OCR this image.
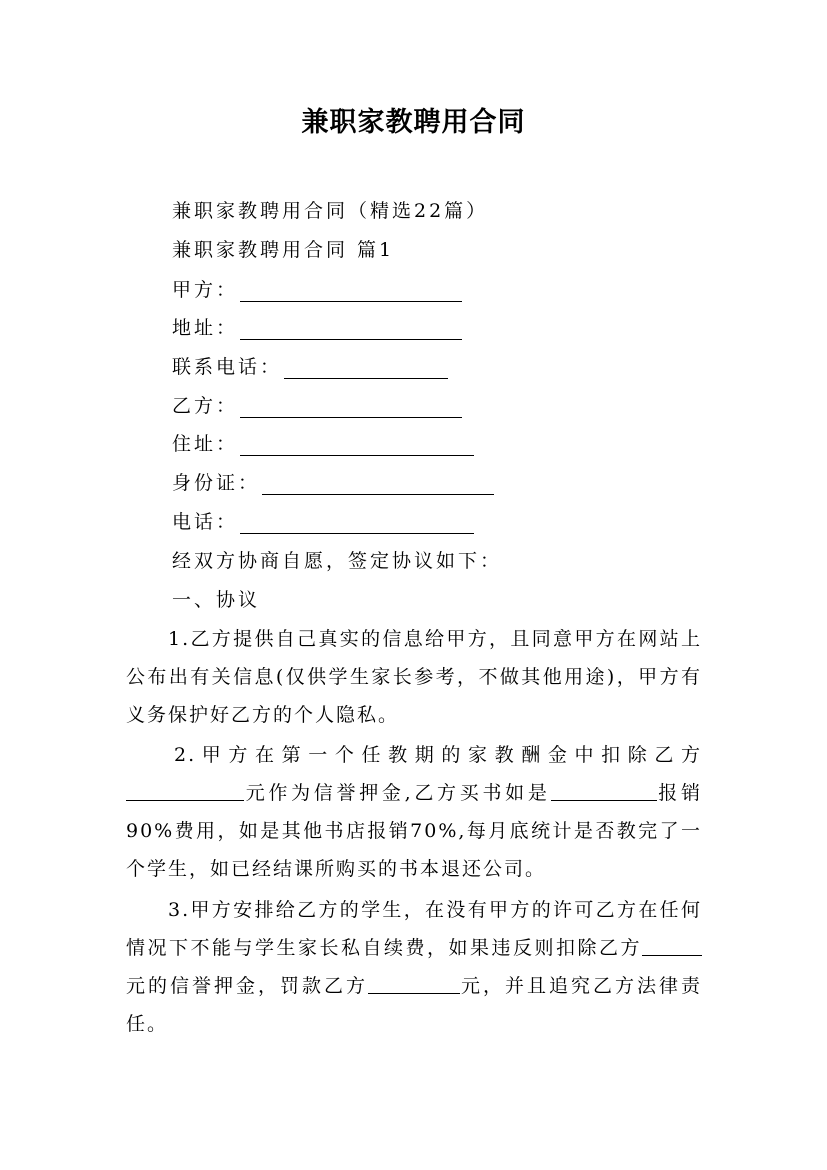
兼职家教聘用合同
兼职家教聘用合同（精选22篇）
兼职家教聘用合同 篇1
甲方：
地址：
联系电话：
乙方：
住址：
身份证：
电话：
经双方协商自愿，签定协议如下：
一、协议
1.乙方提供自己真实的信息给甲方，且同意甲方在网站上公布出有关信息(仅供学生家长参考，不做其他用途)，甲方有义务保护好乙方的个人隐私。
2.甲方在第一个任教期的家教酬金中扣除乙方元作为信誉押金,乙方买书如是	报销90%费用，如是其他书店报销70%,每月底统计是否教完了一个学生，如已经结课所购买的书本退还公司。
3.甲方安排给乙方的学生，在没有甲方的许可乙方在任何情况下不能与学生家长私自续费，如果违反则扣除乙方元的信誉押金，罚款乙方	元，并且追究乙方法律责任。
